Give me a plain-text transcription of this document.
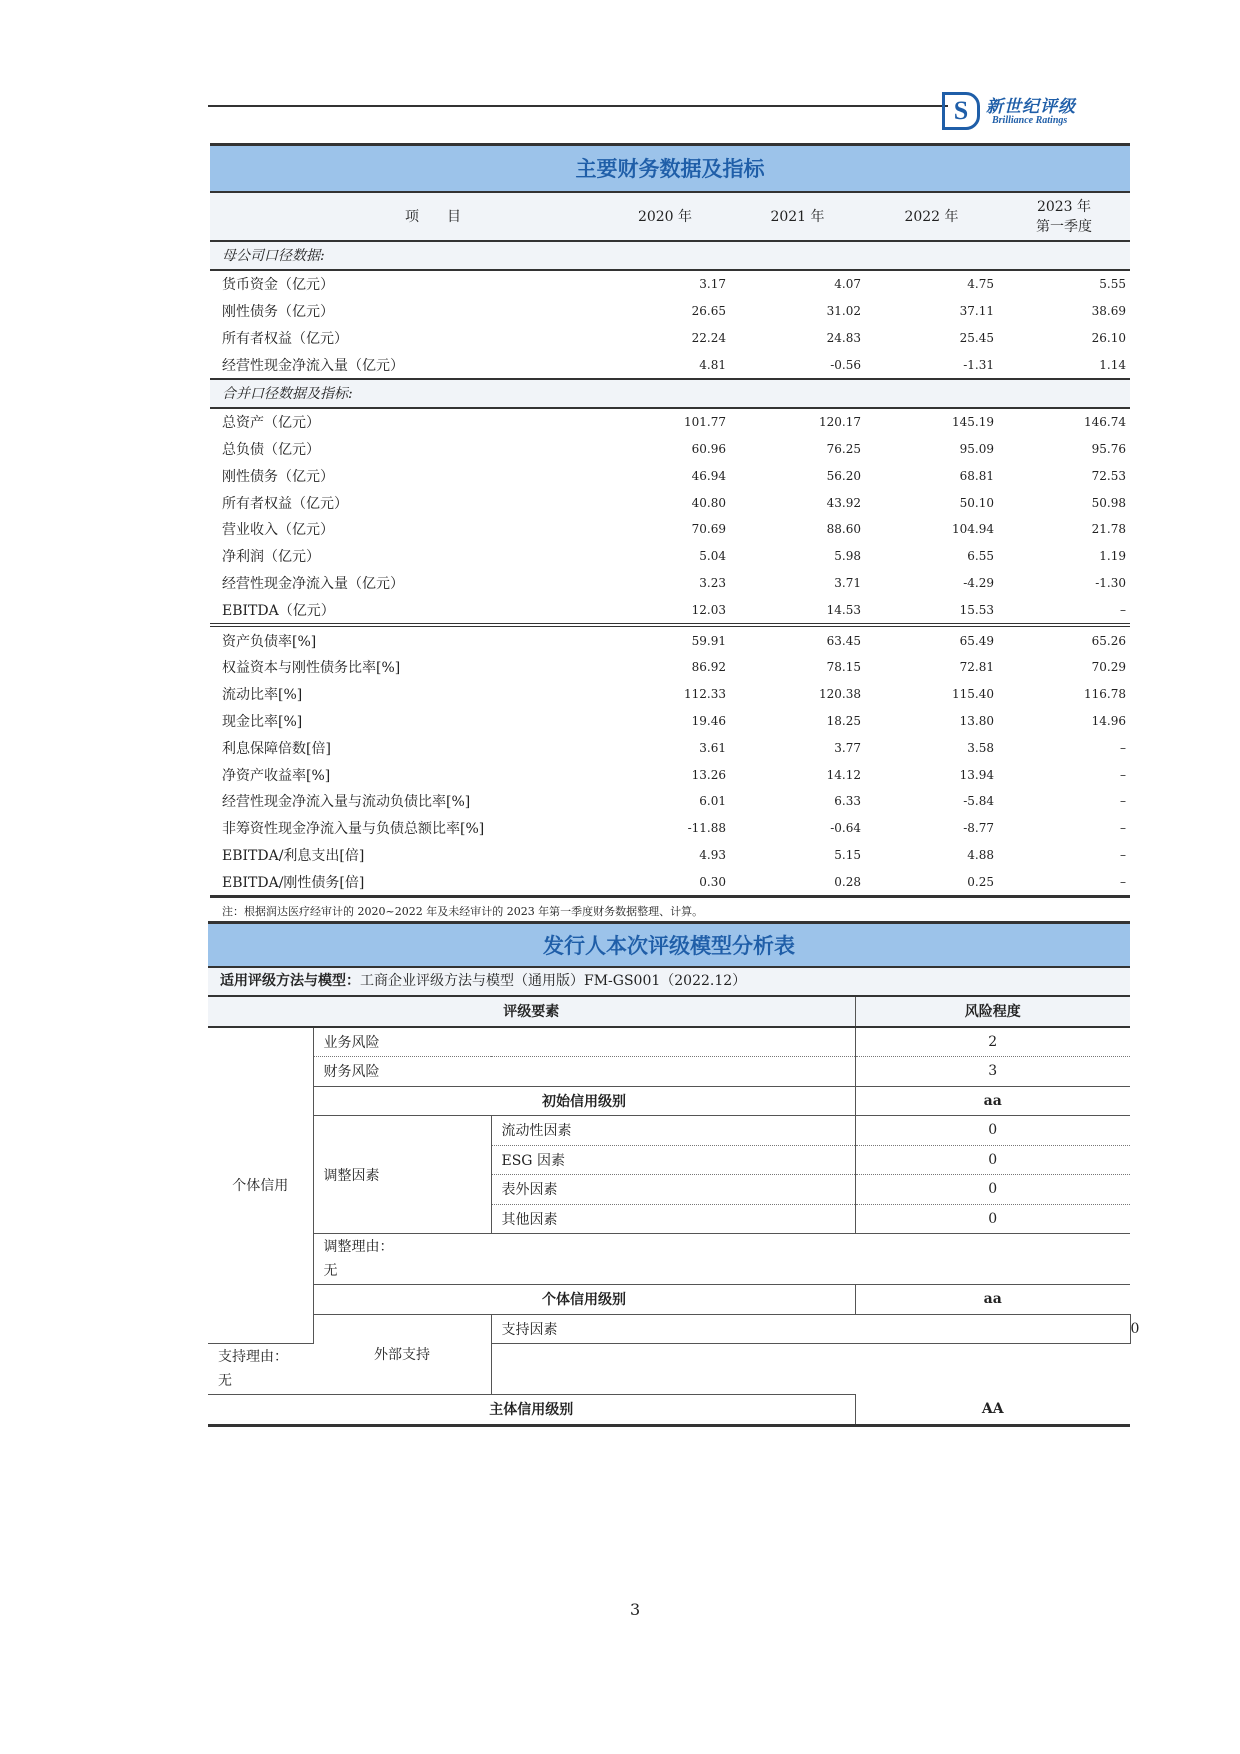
S	新世纪评级
Brilliance Ratings
主要财务数据及指标
项　　目	2020 年	2021 年	2022 年	2023 年
第一季度
母公司口径数据:				
货币资金（亿元）	3.17	4.07	4.75	5.55
刚性债务（亿元）	26.65	31.02	37.11	38.69
所有者权益（亿元）	22.24	24.83	25.45	26.10
经营性现金净流入量（亿元）	4.81	-0.56	-1.31	1.14
合并口径数据及指标:				
总资产（亿元）	101.77	120.17	145.19	146.74
总负债（亿元）	60.96	76.25	95.09	95.76
刚性债务（亿元）	46.94	56.20	68.81	72.53
所有者权益（亿元）	40.80	43.92	50.10	50.98
营业收入（亿元）	70.69	88.60	104.94	21.78
净利润（亿元）	5.04	5.98	6.55	1.19
经营性现金净流入量（亿元）	3.23	3.71	-4.29	-1.30
EBITDA（亿元）	12.03	14.53	15.53	–
资产负债率[%]	59.91	63.45	65.49	65.26
权益资本与刚性债务比率[%]	86.92	78.15	72.81	70.29
流动比率[%]	112.33	120.38	115.40	116.78
现金比率[%]	19.46	18.25	13.80	14.96
利息保障倍数[倍]	3.61	3.77	3.58	–
净资产收益率[%]	13.26	14.12	13.94	–
经营性现金净流入量与流动负债比率[%]	6.01	6.33	-5.84	–
非筹资性现金净流入量与负债总额比率[%]	-11.88	-0.64	-8.77	–
EBITDA/利息支出[倍]	4.93	5.15	4.88	–
EBITDA/刚性债务[倍]	0.30	0.28	0.25	–
注：根据润达医疗经审计的 2020~2022 年及未经审计的 2023 年第一季度财务数据整理、计算。
发行人本次评级模型分析表
适用评级方法与模型：工商企业评级方法与模型（通用版）FM-GS001（2022.12）
评级要素			风险程度	
个体信用	业务风险		2	
	财务风险		3	
	初始信用级别		aa	
	调整因素	流动性因素	0	
		ESG 因素	0	
		表外因素	0	
		其他因素	0	
	调整理由：
无			
	个体信用级别		aa	
	外部支持	支持因素		0
支持理由：
无				
主体信用级别			AA	
3
